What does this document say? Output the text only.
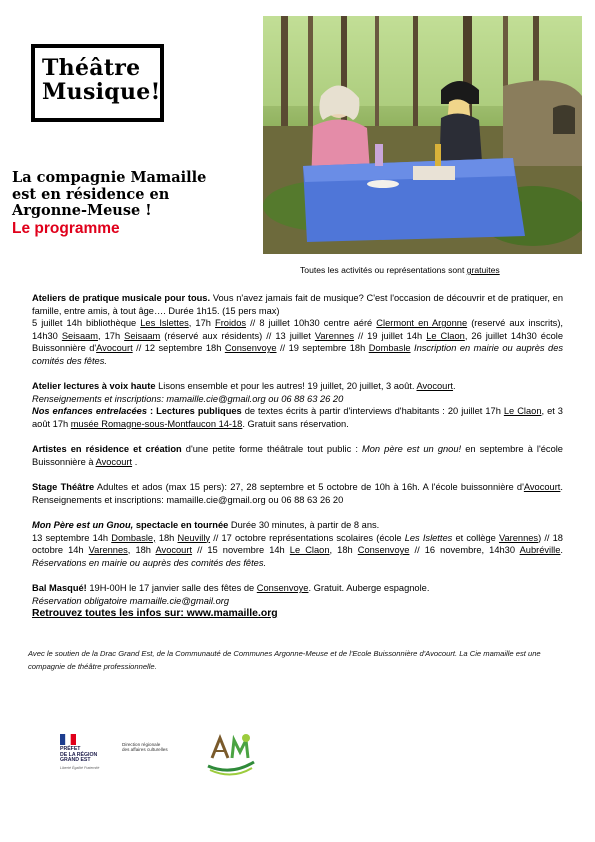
Théâtre
Musique!
La compagnie Mamaille
est en résidence en
Argonne-Meuse !
Le programme
Toutes les activités ou représentations sont gratuites

Ateliers de pratique musicale pour tous. Vous n'avez jamais fait de musique? C'est l'occasion de découvrir et de pratiquer, en famille, entre amis, à tout âge…. Durée 1h15. (15 pers max)
5 juillet 14h bibliothèque Les Islettes, 17h Froidos // 8 juillet 10h30 centre aéré Clermont en Argonne (reservé aux inscrits), 14h30 Seisaam, 17h Seisaam (réservé aux résidents) // 13 juillet Varennes // 19 juillet 14h Le Claon, 26 juillet 14h30 école Buissonnière d'Avocourt // 12 septembre 18h Consenvoye // 19 septembre 18h Dombasle Inscription en mairie ou auprès des comités des fêtes.

Atelier lectures à voix haute Lisons ensemble et pour les autres! 19 juillet, 20 juillet, 3 août. Avocourt.
Renseignements et inscriptions: mamaille.cie@gmail.org ou 06 88 63 26 20
Nos enfances entrelacées : Lectures publiques de textes écrits à partir d'interviews d'habitants : 20 juillet 17h Le Claon, et 3 août 17h musée Romagne-sous-Montfaucon 14-18. Gratuit sans réservation.

Artistes en résidence et création d'une petite forme théâtrale tout public : Mon père est un gnou! en septembre à l'école Buissonnière à Avocourt .

Stage Théâtre Adultes et ados (max 15 pers): 27, 28 septembre et 5 octobre de 10h à 16h. A l'école buissonnière d'Avocourt. Renseignements et inscriptions: mamaille.cie@gmail.org ou 06 88 63 26 20

Mon Père est un Gnou, spectacle en tournée Durée 30 minutes, à partir de 8 ans.
13 septembre 14h Dombasle, 18h Neuvilly // 17 octobre représentations scolaires (école Les Islettes et collège Varennes) // 18 octobre 14h Varennes, 18h Avocourt // 15 novembre 14h Le Claon, 18h Consenvoye // 16 novembre, 14h30 Aubréville. Réservations en mairie ou auprès des comités des fêtes.

Bal Masqué! 19H-00H le 17 janvier salle des fêtes de Consenvoye. Gratuit. Auberge espagnole.
Réservation obligatoire mamaille.cie@gmail.org
Retrouvez toutes les infos sur: www.mamaille.org

Avec le soutien de la Drac Grand Est, de la Communauté de Communes Argonne-Meuse et de l'Ecole Buissonnière d'Avocourt. La Cie mamaille est une compagnie de théâtre professionnelle.
PRÉFET
DE LA RÉGION
GRAND EST
Liberté Égalité Fraternité
Direction régionale
des affaires culturelles
